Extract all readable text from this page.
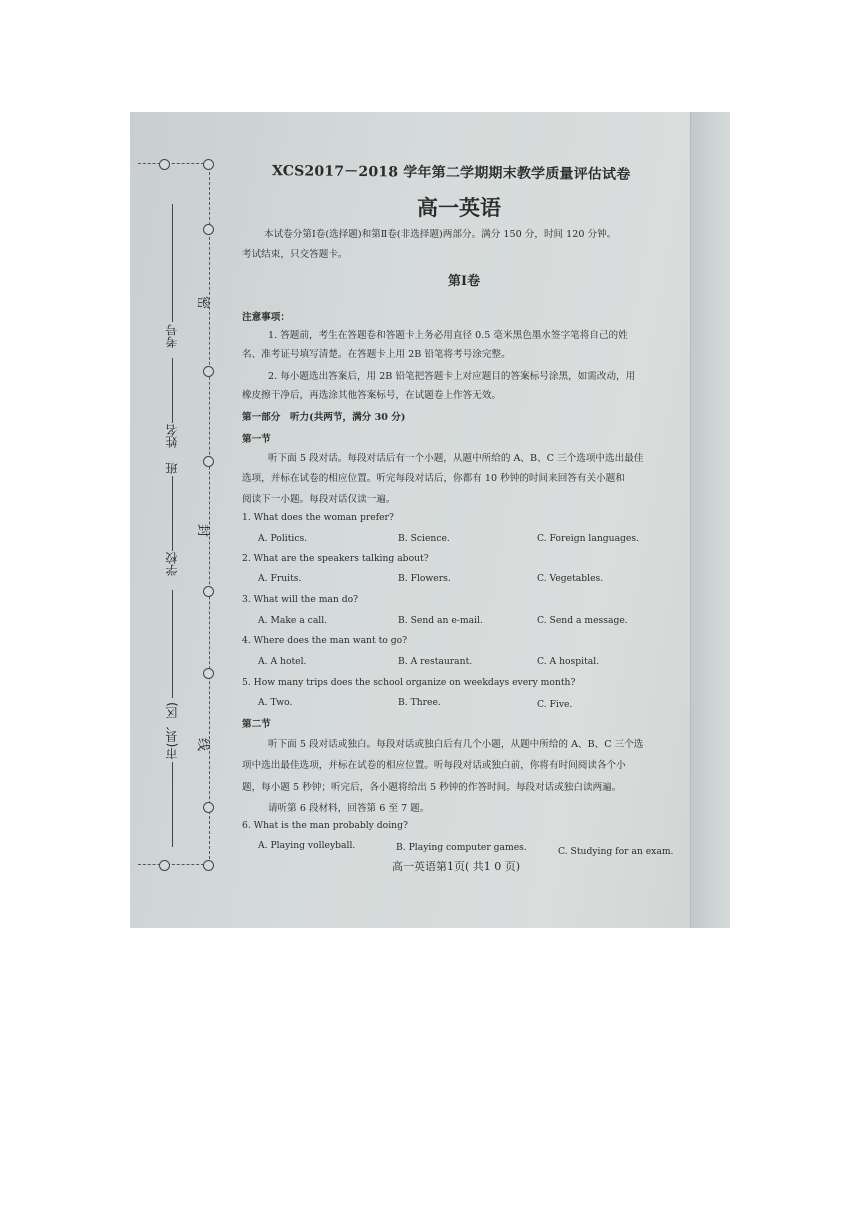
考号
姓名
班
学校
市(县、区)
密
封
线
XCS2017－2018 学年第二学期期末教学质量评估试卷
高一英语
本试卷分第Ⅰ卷(选择题)和第Ⅱ卷(非选择题)两部分。满分 150 分，时间 120 分钟。
考试结束，只交答题卡。
第Ⅰ卷
注意事项：
1. 答题前，考生在答题卷和答题卡上务必用直径 0.5 毫米黑色墨水签字笔将自己的姓
名、准考证号填写清楚。在答题卡上用 2B 铅笔将考号涂完整。
2. 每小题选出答案后，用 2B 铅笔把答题卡上对应题目的答案标号涂黑，如需改动，用
橡皮擦干净后，再选涂其他答案标号，在试题卷上作答无效。
第一部分　听力(共两节，满分 30 分)
第一节
听下面 5 段对话。每段对话后有一个小题，从题中所给的 A、B、C 三个选项中选出最佳
选项，并标在试卷的相应位置。听完每段对话后，你都有 10 秒钟的时间来回答有关小题和
阅读下一小题。每段对话仅读一遍。
1. What does the woman prefer?
A. Politics.	B. Science.	C. Foreign languages.
2. What are the speakers talking about?
A. Fruits.	B. Flowers.	C. Vegetables.
3. What will the man do?
A. Make a call.	B. Send an e-mail.	C. Send a message.
4. Where does the man want to go?
A. A hotel.	B. A restaurant.	C. A hospital.
5. How many trips does the school organize on weekdays every month?
A. Two.	B. Three.	C. Five.
第二节
听下面 5 段对话或独白。每段对话或独白后有几个小题，从题中所给的 A、B、C 三个选
项中选出最佳选项，并标在试卷的相应位置。听每段对话或独白前，你将有时间阅读各个小
题，每小题 5 秒钟；听完后，各小题将给出 5 秒钟的作答时间。每段对话或独白读两遍。
请听第 6 段材料，回答第 6 至 7 题。
6. What is the man probably doing?
A. Playing volleyball.	B. Playing computer games.	C. Studying for an exam.
高一英语第1页( 共1 0 页)
